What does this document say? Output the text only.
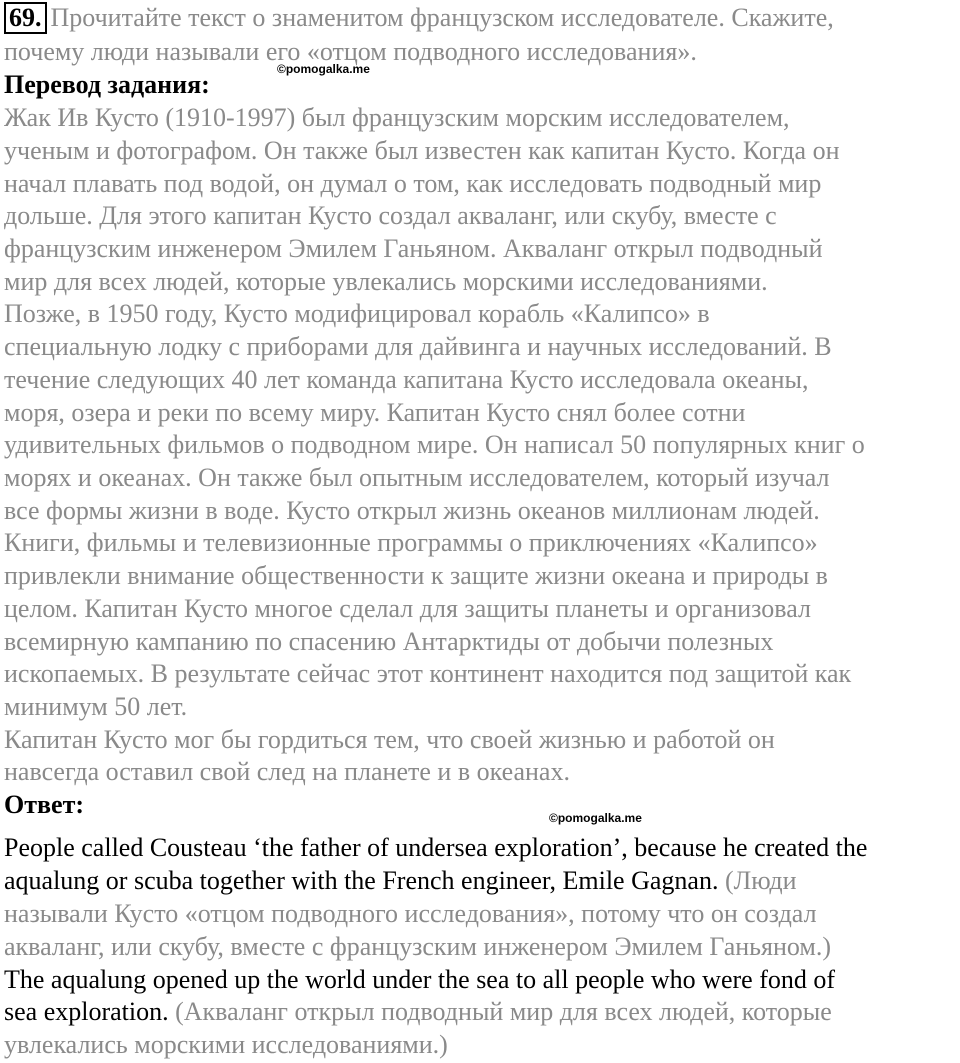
69. Прочитайте текст о знаменитом французском исследователе. Скажите,
почему люди называли его «отцом подводного исследования».
Перевод задания:
©pomogalka.me
Жак Ив Кусто (1910-1997) был французским морским исследователем,
ученым и фотографом. Он также был известен как капитан Кусто. Когда он
начал плавать под водой, он думал о том, как исследовать подводный мир
дольше. Для этого капитан Кусто создал акваланг, или скубу, вместе с
французским инженером Эмилем Ганьяном. Акваланг открыл подводный
мир для всех людей, которые увлекались морскими исследованиями.
Позже, в 1950 году, Кусто модифицировал корабль «Калипсо» в
специальную лодку с приборами для дайвинга и научных исследований. В
течение следующих 40 лет команда капитана Кусто исследовала океаны,
моря, озера и реки по всему миру. Капитан Кусто снял более сотни
удивительных фильмов о подводном мире. Он написал 50 популярных книг о
морях и океанах. Он также был опытным исследователем, который изучал
все формы жизни в воде. Кусто открыл жизнь океанов миллионам людей.
Книги, фильмы и телевизионные программы о приключениях «Калипсо»
привлекли внимание общественности к защите жизни океана и природы в
целом. Капитан Кусто многое сделал для защиты планеты и организовал
всемирную кампанию по спасению Антарктиды от добычи полезных
ископаемых. В результате сейчас этот континент находится под защитой как
минимум 50 лет.
Капитан Кусто мог бы гордиться тем, что своей жизнью и работой он
навсегда оставил свой след на планете и в океанах.
Ответ:	©pomogalka.me
People called Cousteau ‘the father of undersea exploration’, because he created the
aqualung or scuba together with the French engineer, Emile Gagnan. (Люди
называли Кусто «отцом подводного исследования», потому что он создал
акваланг, или скубу, вместе с французским инженером Эмилем Ганьяном.)
The aqualung opened up the world under the sea to all people who were fond of
sea exploration. (Акваланг открыл подводный мир для всех людей, которые
увлекались морскими исследованиями.)
